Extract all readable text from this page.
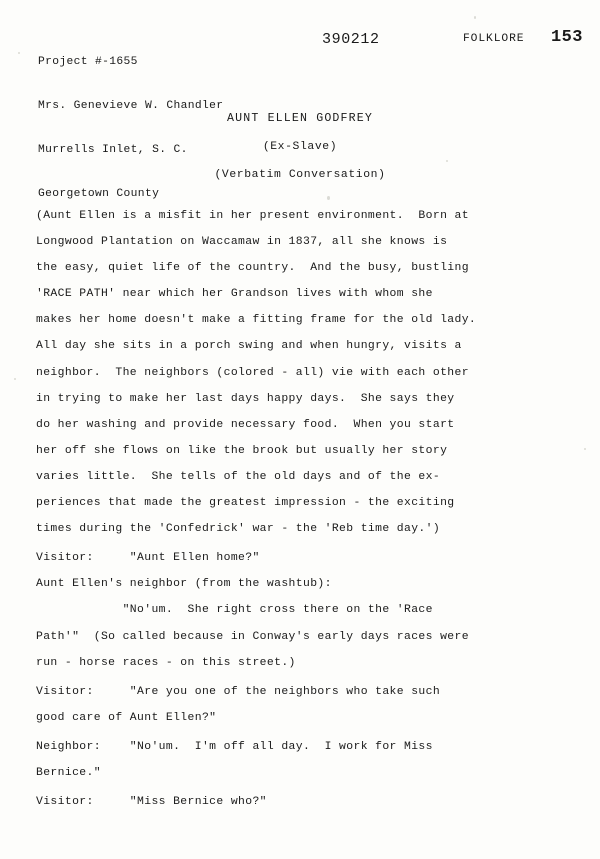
Project #-1655

Mrs. Genevieve W. Chandler

Murrells Inlet, S. C.

Georgetown County

390212	FOLKLORE 153
AUNT ELLEN GODFREY
(Ex-Slave)
(Verbatim Conversation)
(Aunt Ellen is a misfit in her present environment.  Born at
Longwood Plantation on Waccamaw in 1837, all she knows is
the easy, quiet life of the country.  And the busy, bustling
'RACE PATH' near which her Grandson lives with whom she
makes her home doesn't make a fitting frame for the old lady.
All day she sits in a porch swing and when hungry, visits a
neighbor.  The neighbors (colored - all) vie with each other
in trying to make her last days happy days.  She says they
do her washing and provide necessary food.  When you start
her off she flows on like the brook but usually her story
varies little.  She tells of the old days and of the ex-
periences that made the greatest impression - the exciting
times during the 'Confedrick' war - the 'Reb time day.')
Visitor:     "Aunt Ellen home?"
Aunt Ellen's neighbor (from the washtub):
"No'um.  She right cross there on the 'Race
Path'"  (So called because in Conway's early days races were
run - horse races - on this street.)
Visitor:     "Are you one of the neighbors who take such
good care of Aunt Ellen?"
Neighbor:    "No'um.  I'm off all day.  I work for Miss
Bernice."
Visitor:     "Miss Bernice who?"
